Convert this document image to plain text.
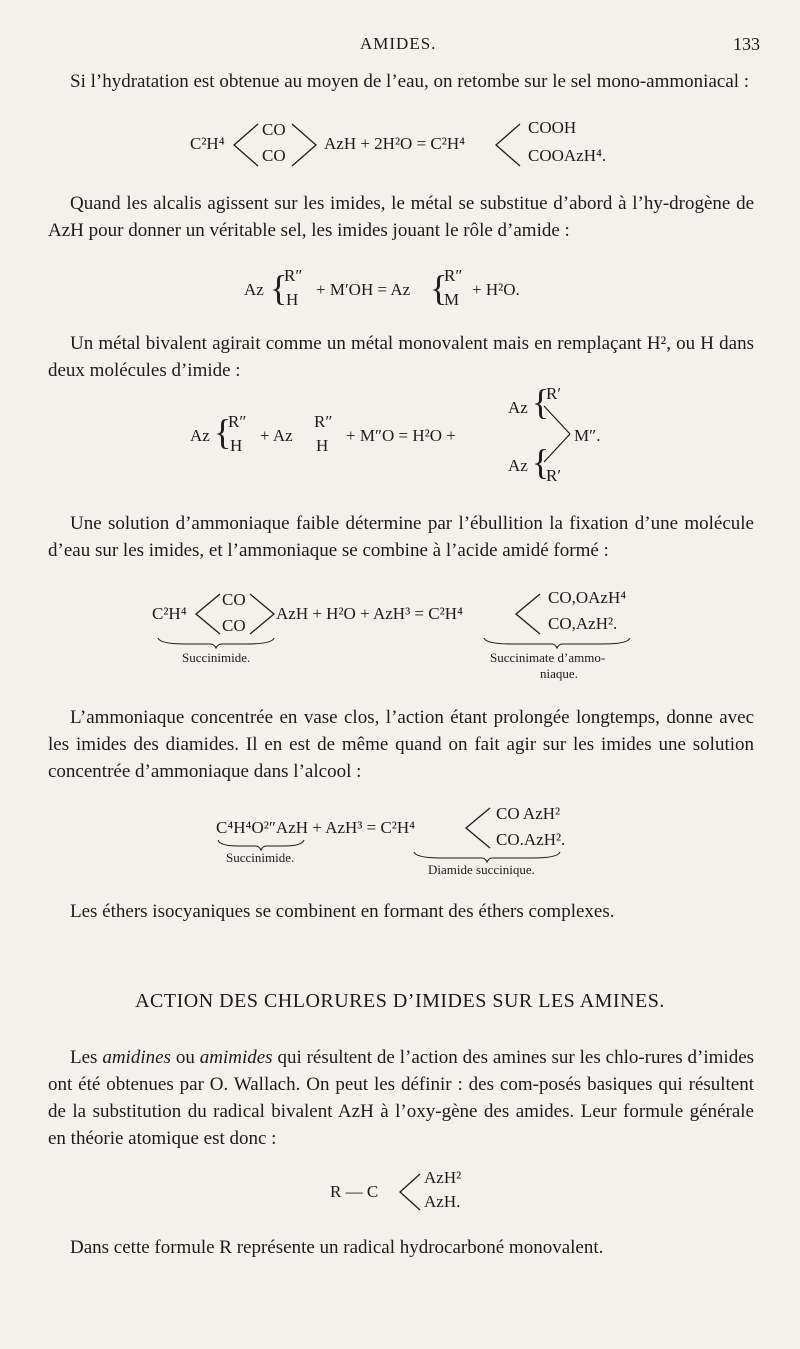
AMIDES.	133

Si l’hydratation est obtenue au moyen de l’eau, on retombe sur le sel mono-ammoniacal :

C²H⁴
CO
CO
AzH + 2H²O = C²H⁴
COOH
COOAzH⁴.

Quand les alcalis agissent sur les imides, le métal se substitue d’abord à l’hy-drogène de AzH pour donner un véritable sel, les imides jouant le rôle d’amide :

Az {
R″
H
+ M′OH = Az {
R″
M
+ H²O.

Un métal bivalent agirait comme un métal monovalent mais en remplaçant H², ou H dans deux molécules d’imide :

Az {
R″
H
+ Az
R″
H
+ M″O = H²O +
Az {
R′
M″.
Az {
R′

Une solution d’ammoniaque faible détermine par l’ébullition la fixation d’une molécule d’eau sur les imides, et l’ammoniaque se combine à l’acide amidé formé :

C²H⁴
CO
CO
AzH + H²O + AzH³ = C²H⁴
CO,OAzH⁴
CO,AzH².
Succinimide.	Succinimate d’ammo-
niaque.

L’ammoniaque concentrée en vase clos, l’action étant prolongée longtemps, donne avec les imides des diamides. Il en est de même quand on fait agir sur les imides une solution concentrée d’ammoniaque dans l’alcool :

C⁴H⁴O²″AzH + AzH³ = C²H⁴
CO AzH²
CO.AzH².
Succinimide.
Diamide succinique.

Les éthers isocyaniques se combinent en formant des éthers complexes.

ACTION DES CHLORURES D’IMIDES SUR LES AMINES.

Les amidines ou amimides qui résultent de l’action des amines sur les chlo-rures d’imides ont été obtenues par O. Wallach. On peut les définir : des com-posés basiques qui résultent de la substitution du radical bivalent AzH à l’oxy-gène des amides. Leur formule générale en théorie atomique est donc :

R — C
AzH²
AzH.

Dans cette formule R représente un radical hydrocarboné monovalent.
